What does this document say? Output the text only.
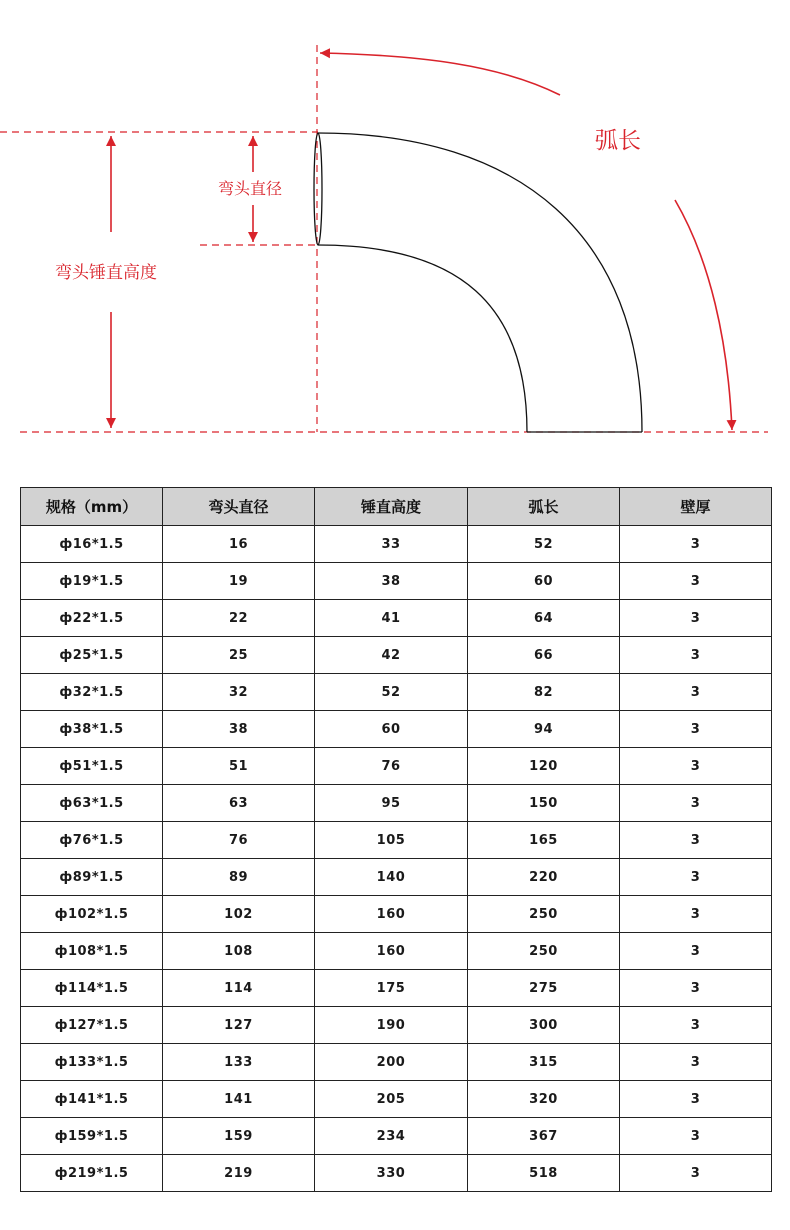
弧长
弯头直径
弯头锤直高度
规格（mm）	弯头直径	锤直高度	弧长	壁厚
ф16*1.5	16	33	52	3
ф19*1.5	19	38	60	3
ф22*1.5	22	41	64	3
ф25*1.5	25	42	66	3
ф32*1.5	32	52	82	3
ф38*1.5	38	60	94	3
ф51*1.5	51	76	120	3
ф63*1.5	63	95	150	3
ф76*1.5	76	105	165	3
ф89*1.5	89	140	220	3
ф102*1.5	102	160	250	3
ф108*1.5	108	160	250	3
ф114*1.5	114	175	275	3
ф127*1.5	127	190	300	3
ф133*1.5	133	200	315	3
ф141*1.5	141	205	320	3
ф159*1.5	159	234	367	3
ф219*1.5	219	330	518	3
